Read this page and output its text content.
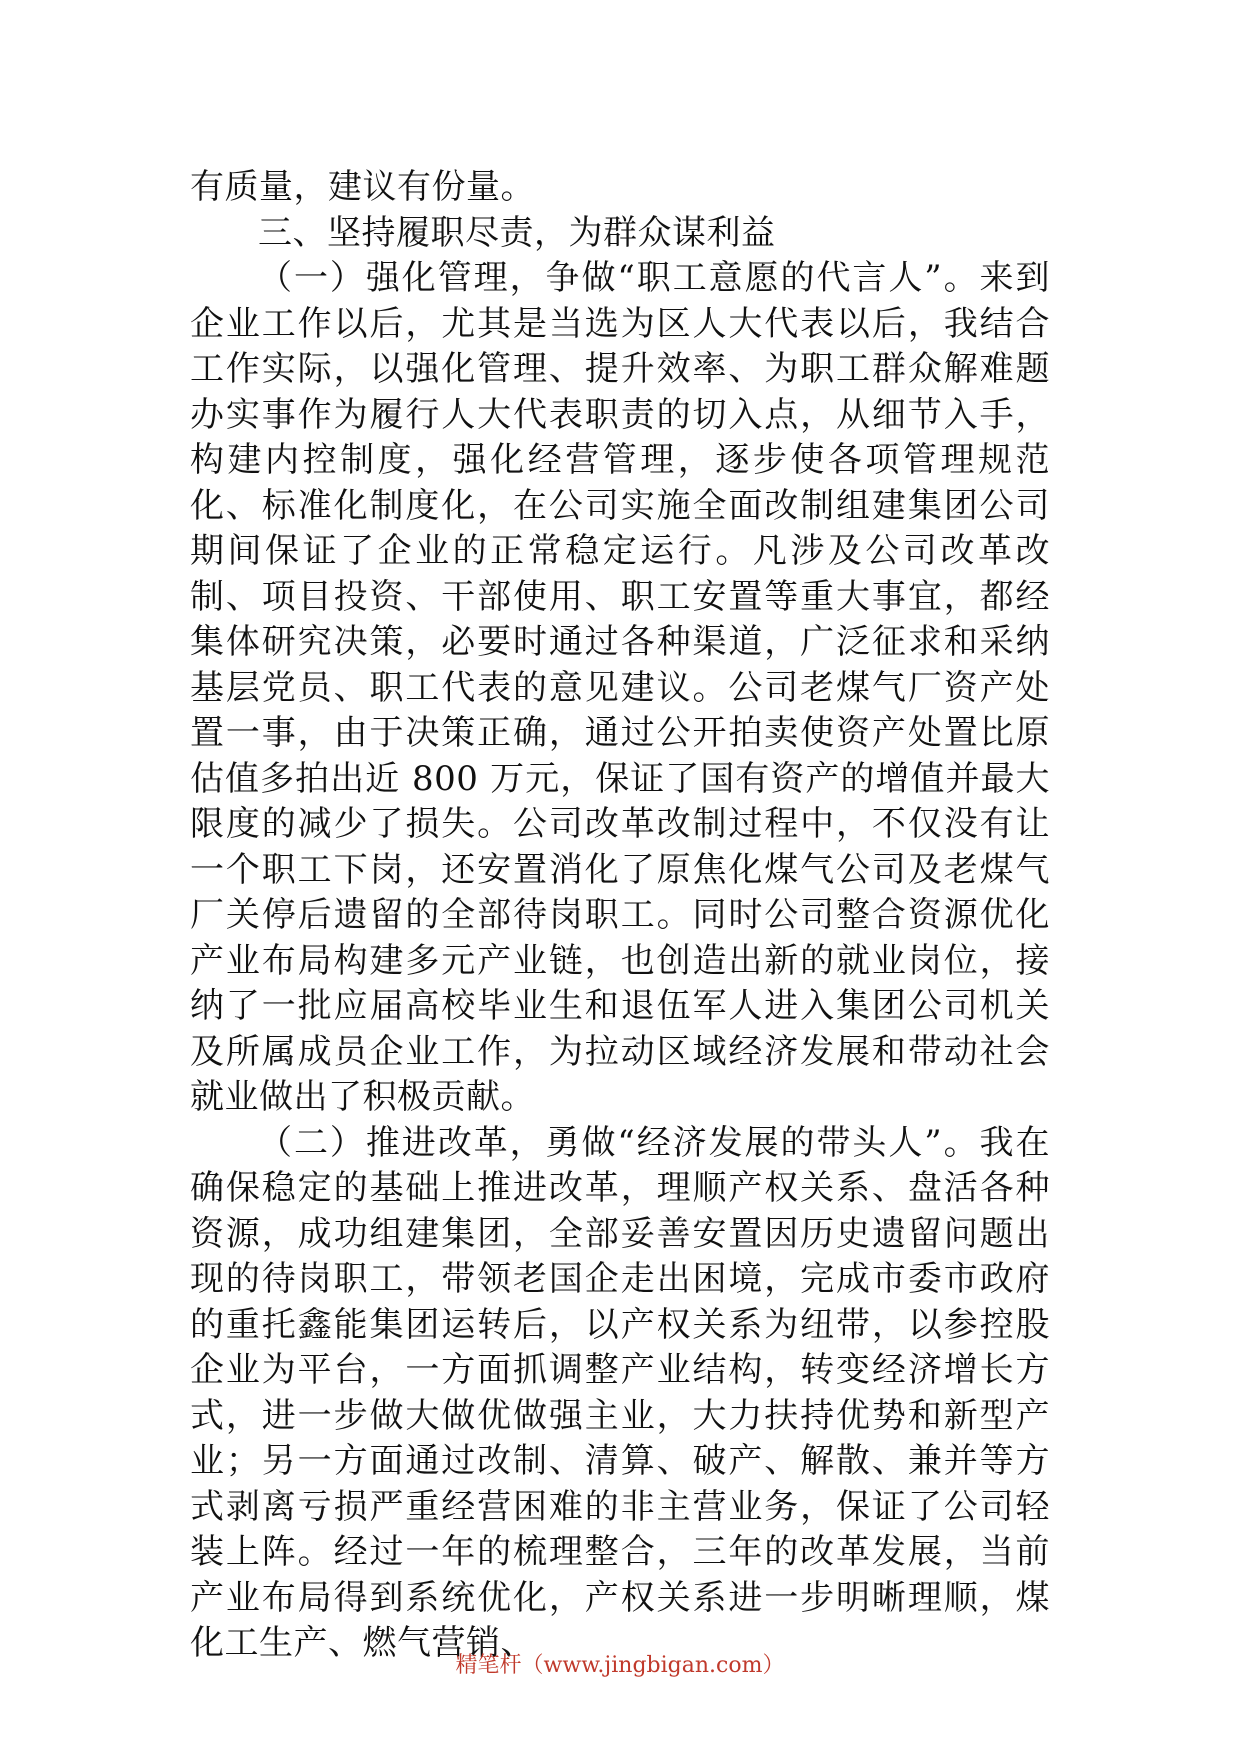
有质量，建议有份量。

三、坚持履职尽责，为群众谋利益

（一）强化管理，争做“职工意愿的代言人”。来到企业工作以后，尤其是当选为区人大代表以后，我结合工作实际，以强化管理、提升效率、为职工群众解难题办实事作为履行人大代表职责的切入点，从细节入手，构建内控制度，强化经营管理，逐步使各项管理规范化、标准化制度化，在公司实施全面改制组建集团公司期间保证了企业的正常稳定运行。凡涉及公司改革改制、项目投资、干部使用、职工安置等重大事宜，都经集体研究决策，必要时通过各种渠道，广泛征求和采纳基层党员、职工代表的意见建议。公司老煤气厂资产处置一事，由于决策正确，通过公开拍卖使资产处置比原估值多拍出近 800 万元，保证了国有资产的增值并最大限度的减少了损失。公司改革改制过程中，不仅没有让一个职工下岗，还安置消化了原焦化煤气公司及老煤气厂关停后遗留的全部待岗职工。同时公司整合资源优化产业布局构建多元产业链，也创造出新的就业岗位，接纳了一批应届高校毕业生和退伍军人进入集团公司机关及所属成员企业工作，为拉动区域经济发展和带动社会就业做出了积极贡献。

（二）推进改革，勇做“经济发展的带头人”。我在确保稳定的基础上推进改革，理顺产权关系、盘活各种资源，成功组建集团，全部妥善安置因历史遗留问题出现的待岗职工，带领老国企走出困境，完成市委市政府的重托鑫能集团运转后，以产权关系为纽带，以参控股企业为平台，一方面抓调整产业结构，转变经济增长方式，进一步做大做优做强主业，大力扶持优势和新型产业；另一方面通过改制、清算、破产、解散、兼并等方式剥离亏损严重经营困难的非主营业务，保证了公司轻装上阵。经过一年的梳理整合，三年的改革发展，当前产业布局得到系统优化，产权关系进一步明晰理顺，煤化工生产、燃气营销、

精笔杆（www.jingbigan.com）
